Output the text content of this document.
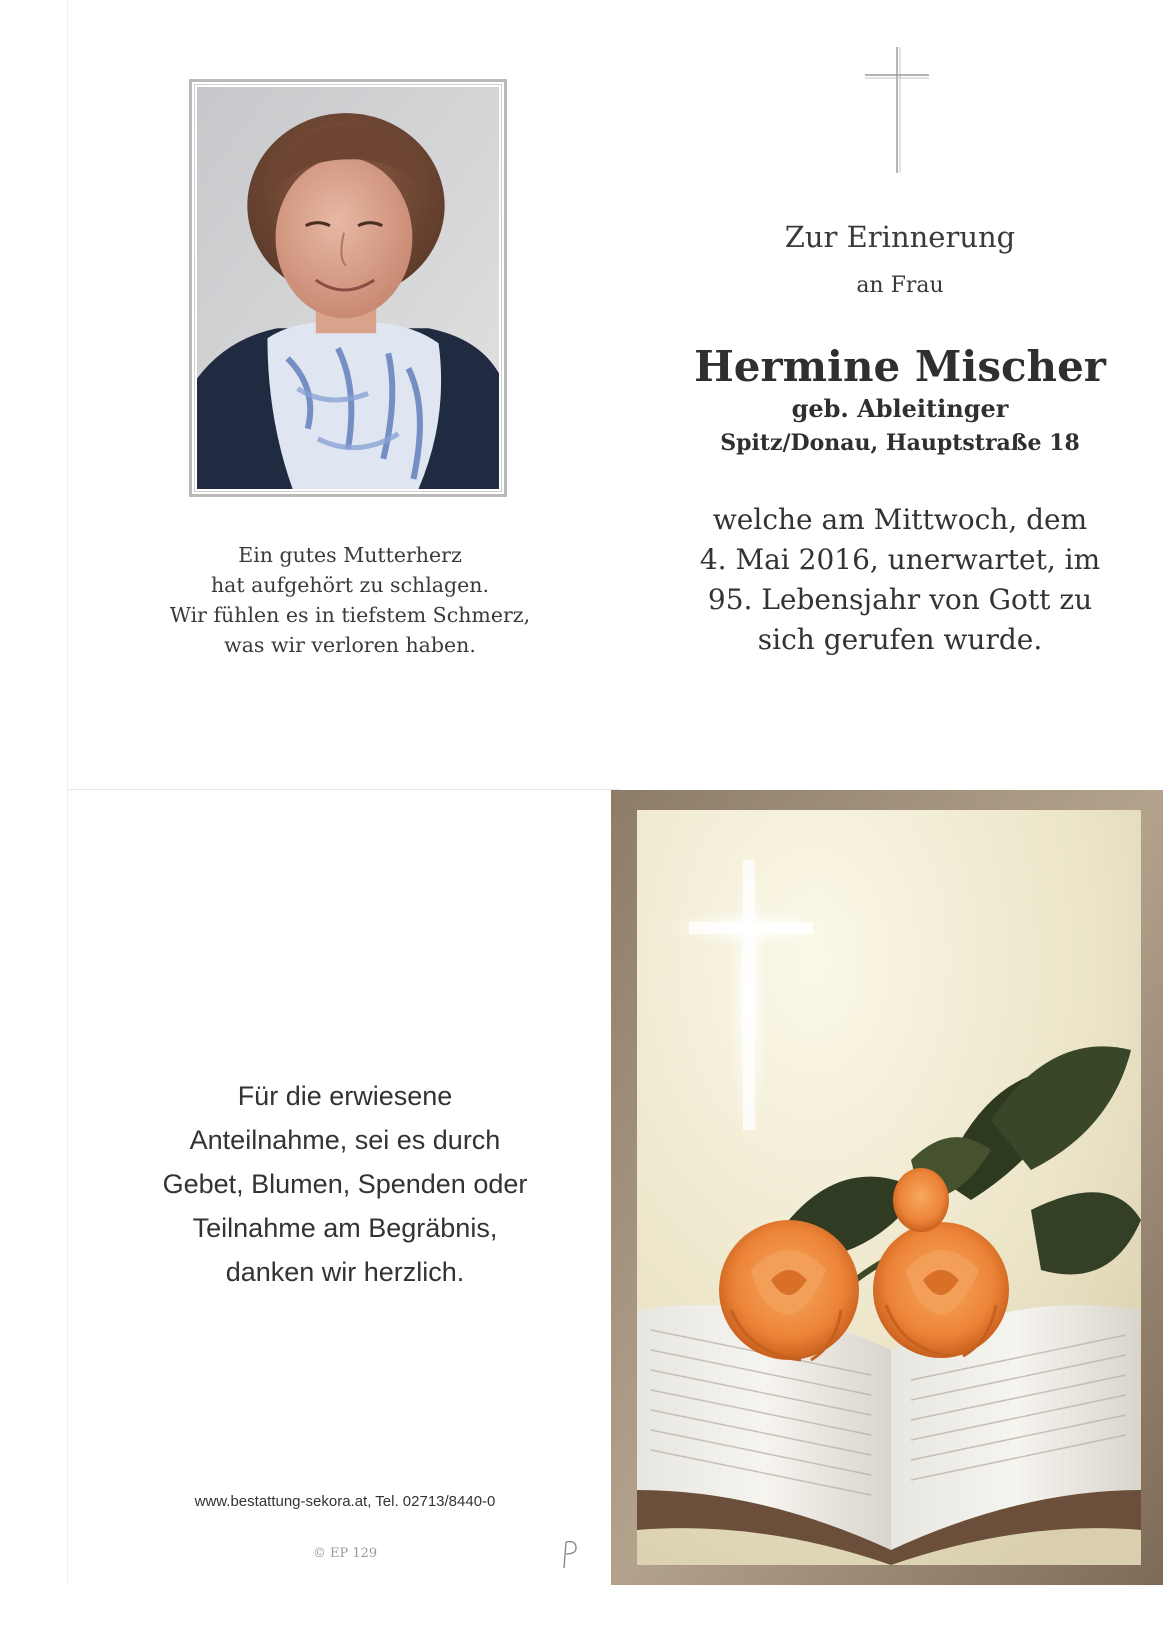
Ein gutes Mutterherz
hat aufgehört zu schlagen.
Wir fühlen es in tiefstem Schmerz,
was wir verloren haben.
Zur Erinnerung
an Frau
Hermine Mischer
geb. Ableitinger
Spitz/Donau, Hauptstraße 18
welche am Mittwoch, dem
4. Mai 2016, unerwartet, im
95. Lebensjahr von Gott zu
sich gerufen wurde.
Für die erwiesene
Anteilnahme, sei es durch
Gebet, Blumen, Spenden oder
Teilnahme am Begräbnis,
danken wir herzlich.
www.bestattung-sekora.at, Tel. 02713/8440-0
© EP 129
